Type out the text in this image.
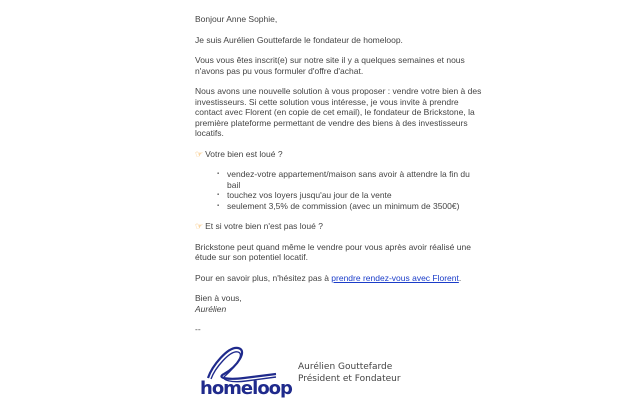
Bonjour Anne Sophie,

Je suis Aurélien Gouttefarde le fondateur de homeloop.

Vous vous êtes inscrit(e) sur notre site il y a quelques semaines et nous
n'avons pas pu vous formuler d'offre d'achat.

Nous avons une nouvelle solution à vous proposer : vendre votre bien à des
investisseurs. Si cette solution vous intéresse, je vous invite à prendre
contact avec Florent (en copie de cet email), le fondateur de Brickstone, la
première plateforme permettant de vendre des biens à des investisseurs
locatifs.

☞ Votre bien est loué ?

▪ vendez-votre appartement/maison sans avoir à attendre la fin du
bail
▪ touchez vos loyers jusqu'au jour de la vente
▪ seulement 3,5% de commission (avec un minimum de 3500€)

☞ Et si votre bien n'est pas loué ?

Brickstone peut quand même le vendre pour vous après avoir réalisé une
étude sur son potentiel locatif.

Pour en savoir plus, n'hésitez pas à prendre rendez-vous avec Florent.

Bien à vous,
Aurélien

--

homeloop
Aurélien Gouttefarde
Président et Fondateur
